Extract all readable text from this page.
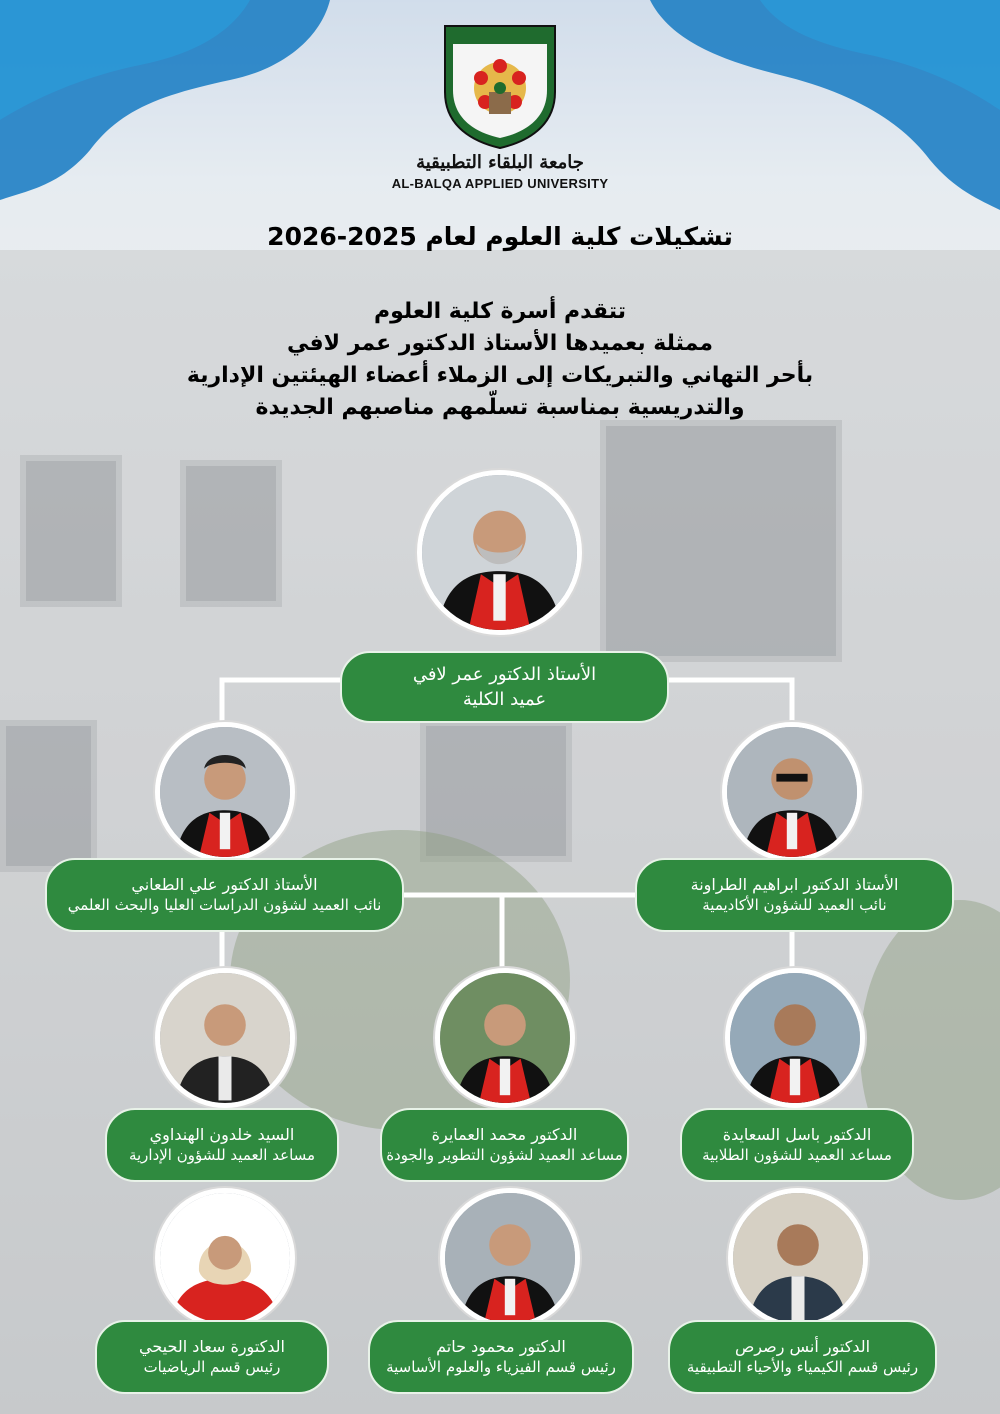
جامعة البلقاء التطبيقية
AL-BALQA APPLIED UNIVERSITY
تشكيلات كلية العلوم لعام 2025-2026
تتقدم أسرة كلية العلوم
ممثلة بعميدها الأستاذ الدكتور عمر لافي
بأحر التهاني والتبريكات إلى الزملاء أعضاء الهيئتين الإدارية
والتدريسية بمناسبة تسلّمهم مناصبهم الجديدة
الأستاذ الدكتور عمر لافي
عميد الكلية
الأستاذ الدكتور علي الطعاني
نائب العميد لشؤون الدراسات العليا والبحث العلمي
الأستاذ الدكتور ابراهيم الطراونة
نائب العميد للشؤون الأكاديمية
السيد خلدون الهنداوي
مساعد العميد للشؤون الإدارية
الدكتور محمد العمايرة
مساعد العميد لشؤون التطوير والجودة
الدكتور باسل السعايدة
مساعد العميد للشؤون الطلابية
الدكتورة سعاد الحيحي
رئيس قسم الرياضيات
الدكتور محمود حاتم
رئيس قسم الفيزياء والعلوم الأساسية
الدكتور أنس رصرص
رئيس قسم الكيمياء والأحياء التطبيقية
